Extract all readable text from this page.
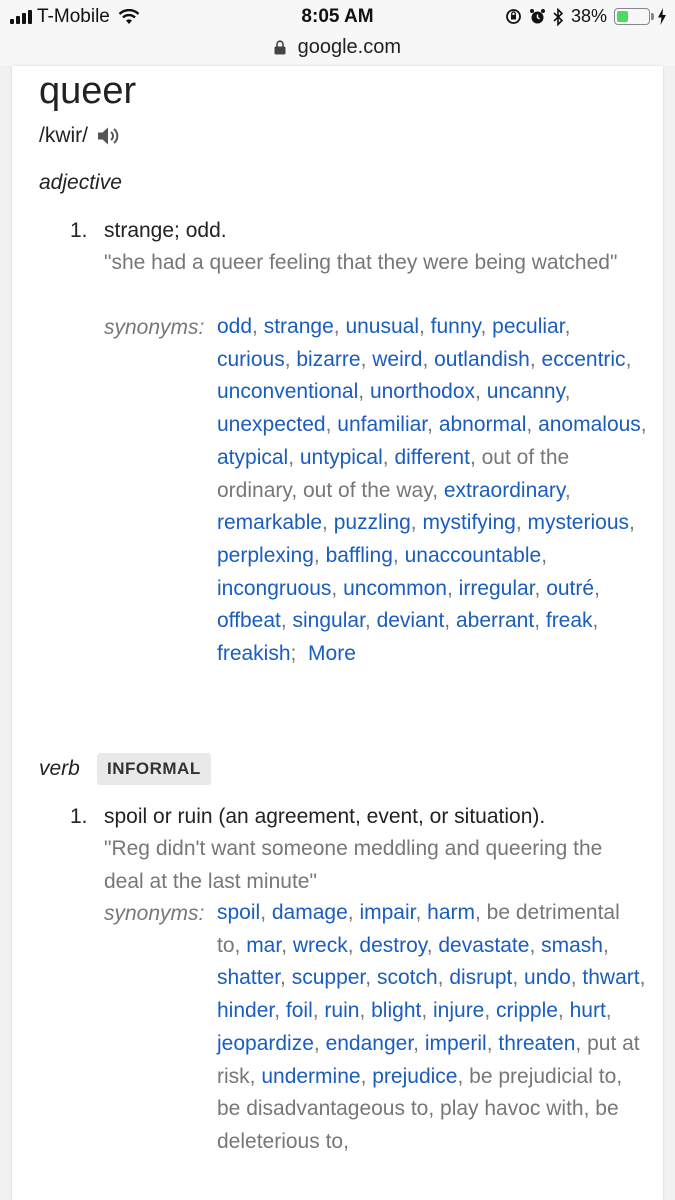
T-Mobile	8:05 AM	38%
google.com
queer
/kwir/
adjective
1. strange; odd.
"she had a queer feeling that they were being watched"
synonyms: odd, strange, unusual, funny, peculiar, curious, bizarre, weird, outlandish, eccentric, unconventional, unorthodox, uncanny, unexpected, unfamiliar, abnormal, anomalous, atypical, untypical, different, out of the ordinary, out of the way, extraordinary, remarkable, puzzling, mystifying, mysterious, perplexing, baffling, unaccountable, incongruous, uncommon, irregular, outré, offbeat, singular, deviant, aberrant, freak, freakish;  More
verb	INFORMAL
1. spoil or ruin (an agreement, event, or situation).
"Reg didn't want someone meddling and queering the deal at the last minute"
synonyms: spoil, damage, impair, harm, be detrimental to, mar, wreck, destroy, devastate, smash, shatter, scupper, scotch, disrupt, undo, thwart, hinder, foil, ruin, blight, injure, cripple, hurt, jeopardize, endanger, imperil, threaten, put at risk, undermine, prejudice, be prejudicial to, be disadvantageous to, play havoc with, be deleterious to,
